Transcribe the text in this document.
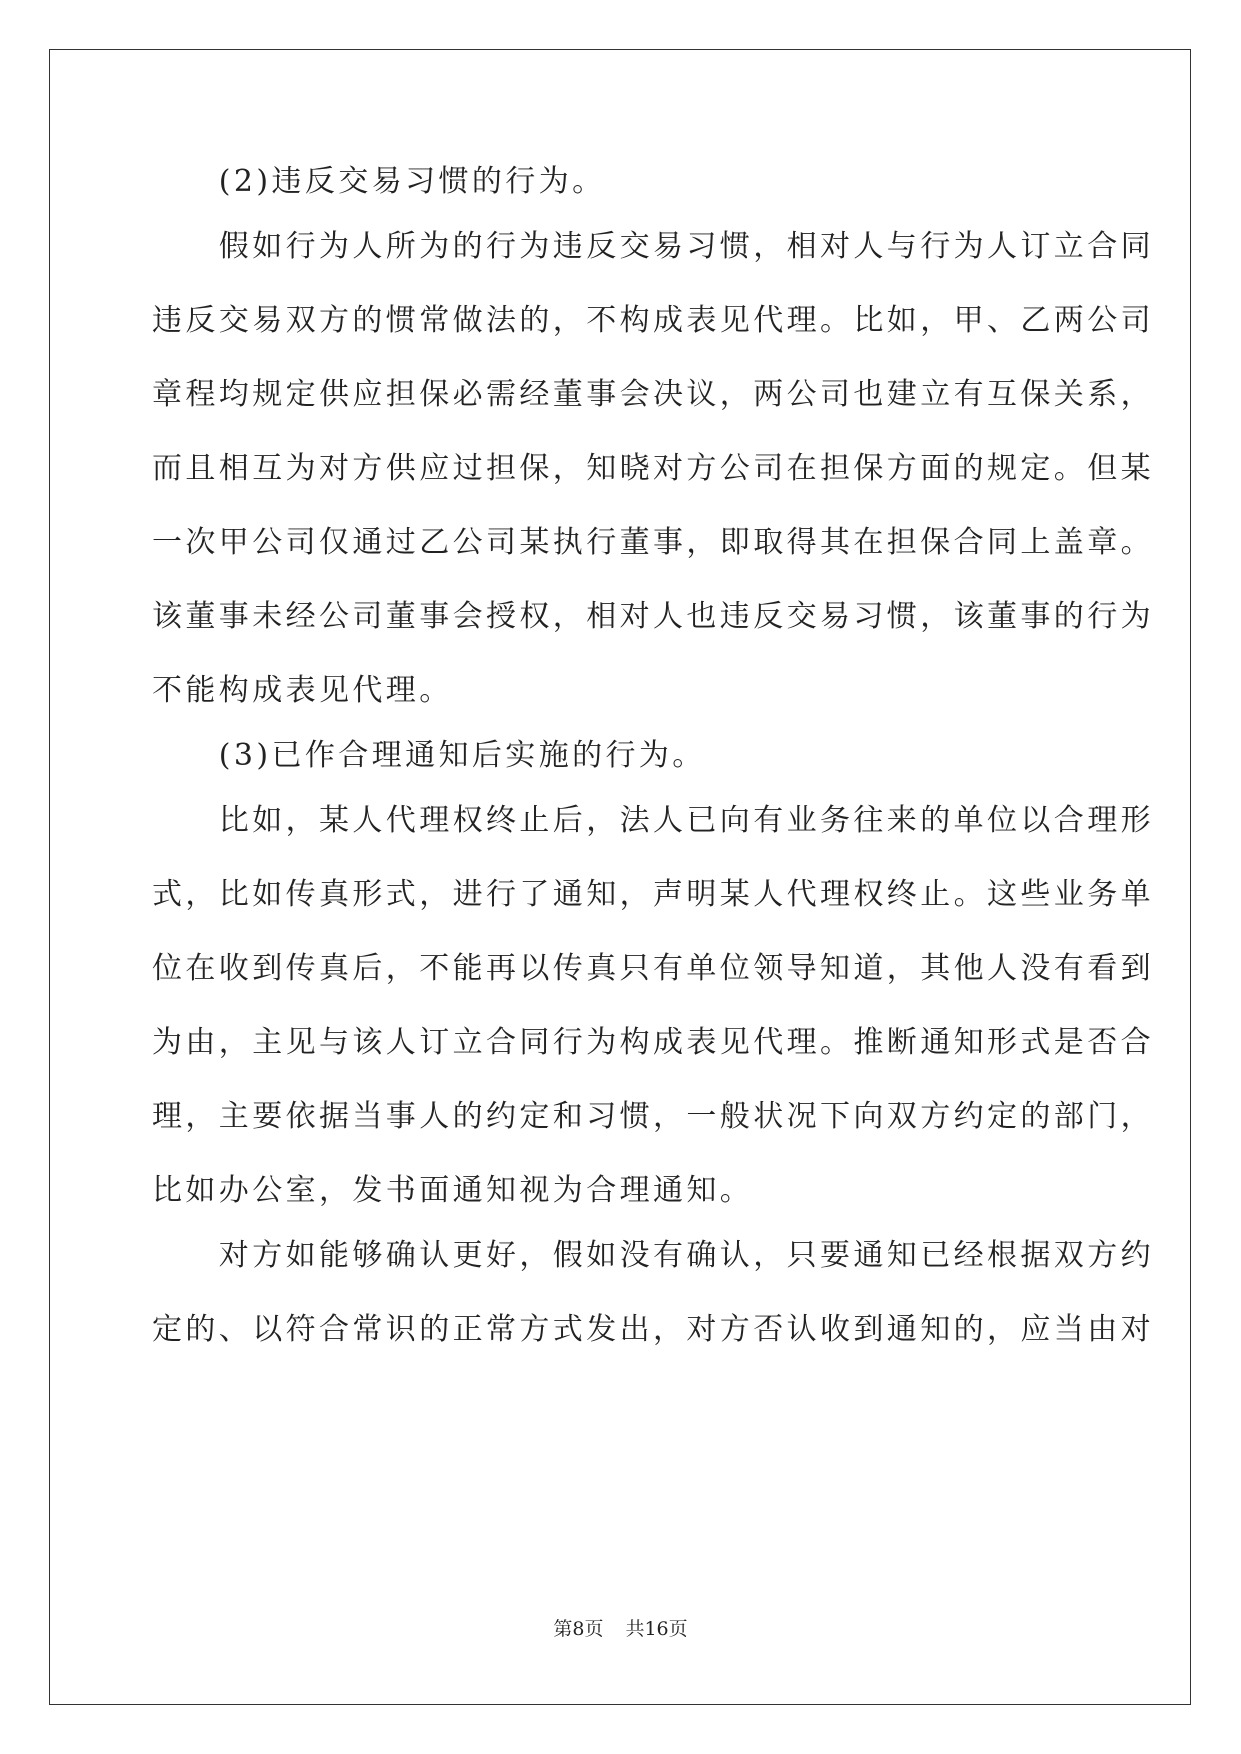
　　(2)违反交易习惯的行为。
　　假如行为人所为的行为违反交易习惯，相对人与行为人订立合同
违反交易双方的惯常做法的，不构成表见代理。比如，甲、乙两公司
章程均规定供应担保必需经董事会决议，两公司也建立有互保关系，
而且相互为对方供应过担保，知晓对方公司在担保方面的规定。但某
一次甲公司仅通过乙公司某执行董事，即取得其在担保合同上盖章。
该董事未经公司董事会授权，相对人也违反交易习惯，该董事的行为
不能构成表见代理。
　　(3)已作合理通知后实施的行为。
　　比如，某人代理权终止后，法人已向有业务往来的单位以合理形
式，比如传真形式，进行了通知，声明某人代理权终止。这些业务单
位在收到传真后，不能再以传真只有单位领导知道，其他人没有看到
为由，主见与该人订立合同行为构成表见代理。推断通知形式是否合
理，主要依据当事人的约定和习惯，一般状况下向双方约定的部门，
比如办公室，发书面通知视为合理通知。
　　对方如能够确认更好，假如没有确认，只要通知已经根据双方约
定的、以符合常识的正常方式发出，对方否认收到通知的，应当由对
第8页 共16页
